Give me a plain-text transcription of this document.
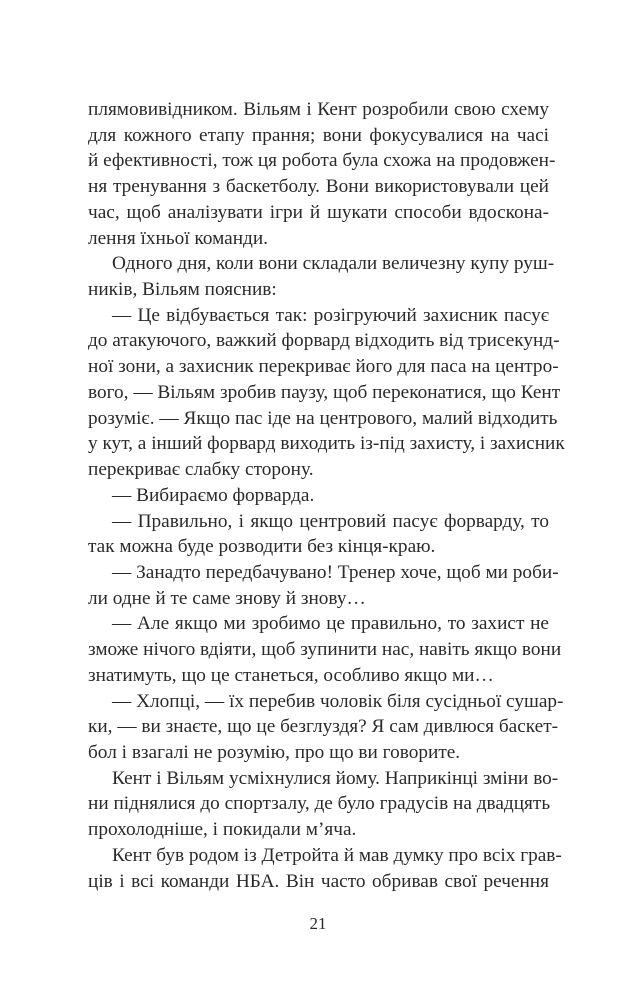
плямовивідником. Вільям і Кент розробили свою схему
для кожного етапу прання; вони фокусувалися на часі
й ефективності, тож ця робота була схожа на продовжен-
ня тренування з баскетболу. Вони використовували цей
час, щоб аналізувати ігри й шукати способи вдоскона-
лення їхньої команди.
Одного дня, коли вони складали величезну купу руш-
ників, Вільям пояснив:
— Це відбувається так: розігруючий захисник пасує
до атакуючого, важкий форвард відходить від трисекунд-
ної зони, а захисник перекриває його для паса на центро-
вого, — Вільям зробив паузу, щоб переконатися, що Кент
розуміє. — Якщо пас іде на центрового, малий відходить
у кут, а інший форвард виходить із-під захисту, і захисник
перекриває слабку сторону.
— Вибираємо форварда.
— Правильно, і якщо центровий пасує форварду, то
так можна буде розводити без кінця-краю.
— Занадто передбачувано! Тренер хоче, щоб ми роби-
ли одне й те саме знову й знову…
— Але якщо ми зробимо це правильно, то захист не
зможе нічого вдіяти, щоб зупинити нас, навіть якщо вони
знатимуть, що це станеться, особливо якщо ми…
— Хлопці, — їх перебив чоловік біля сусідньої сушар-
ки, — ви знаєте, що це безглуздя? Я сам дивлюся баскет-
бол і взагалі не розумію, про що ви говорите.
Кент і Вільям усміхнулися йому. Наприкінці зміни во-
ни піднялися до спортзалу, де було градусів на двадцять
прохолодніше, і покидали м’яча.
Кент був родом із Детройта й мав думку про всіх грав-
ців і всі команди НБА. Він часто обривав свої речення
21
